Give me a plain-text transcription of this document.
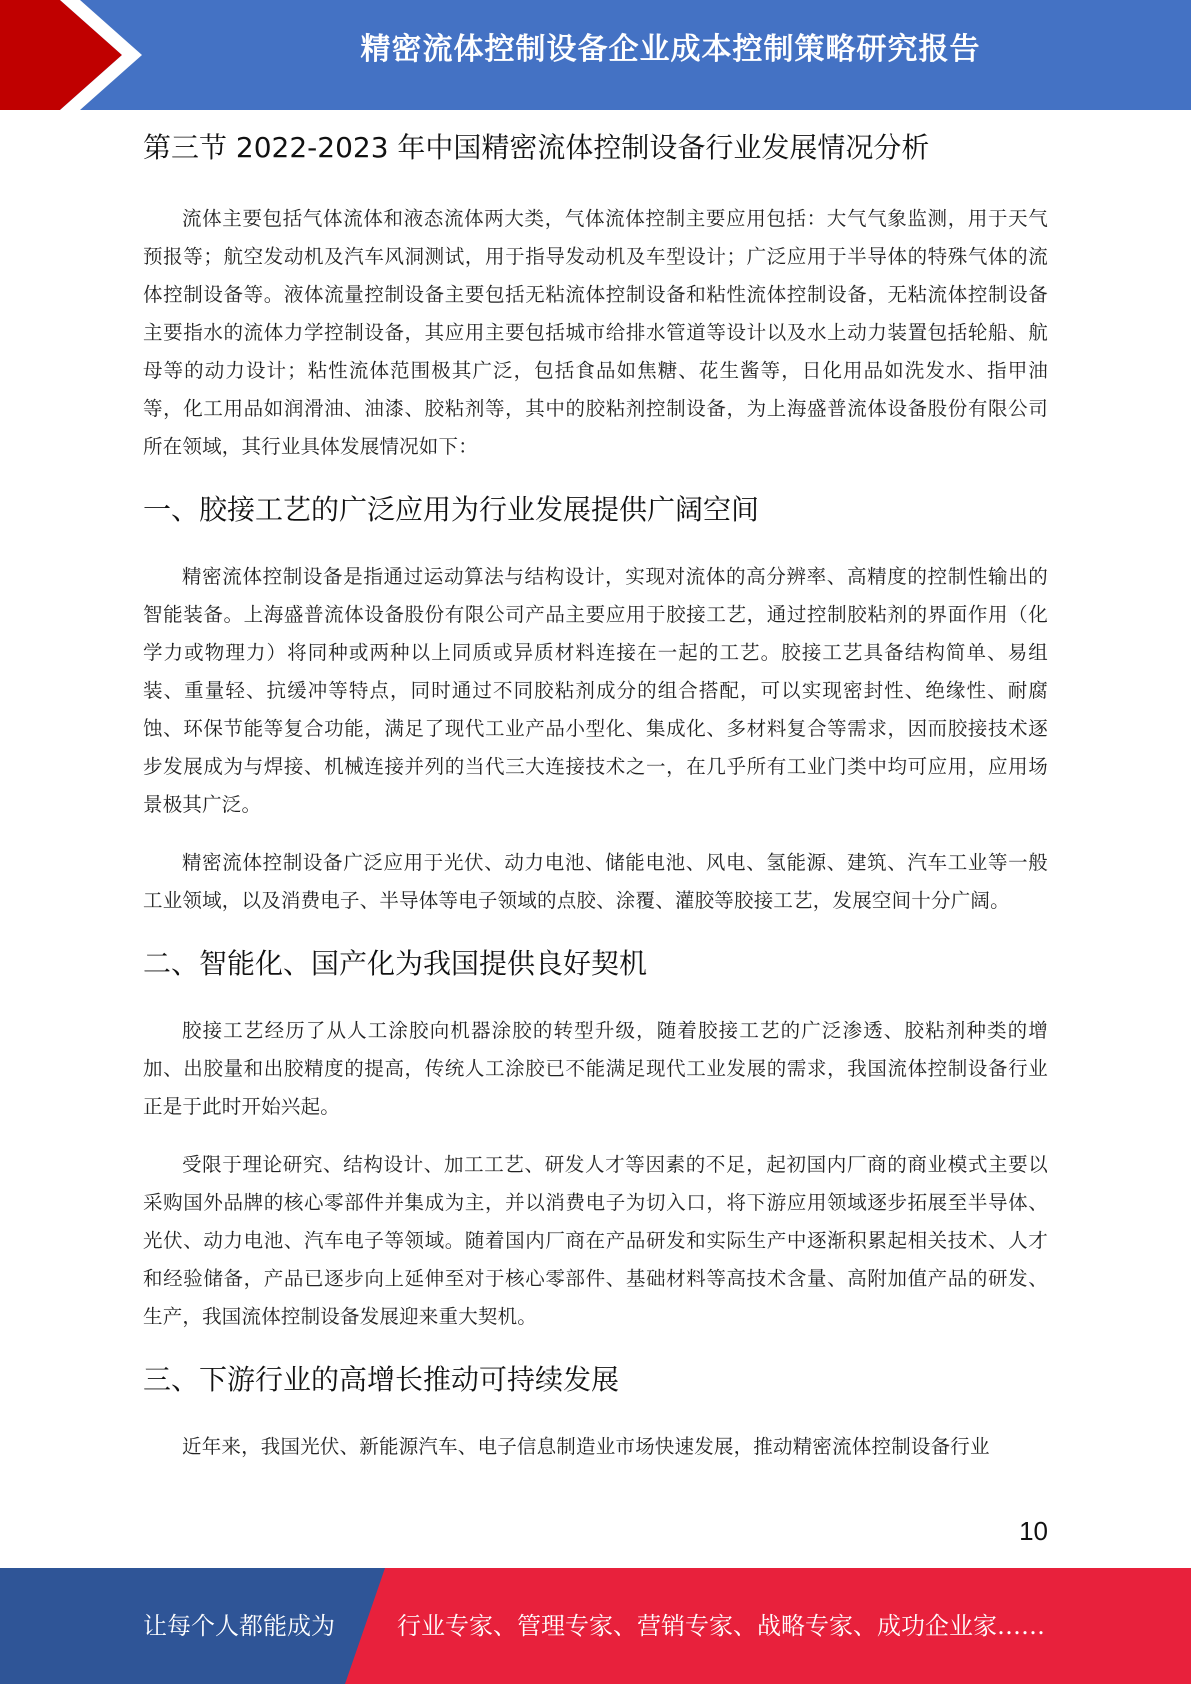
精密流体控制设备企业成本控制策略研究报告
第三节 2022-2023 年中国精密流体控制设备行业发展情况分析

流体主要包括气体流体和液态流体两大类，气体流体控制主要应用包括：大气气象监测，用于天气预报等；航空发动机及汽车风洞测试，用于指导发动机及车型设计；广泛应用于半导体的特殊气体的流体控制设备等。液体流量控制设备主要包括无粘流体控制设备和粘性流体控制设备，无粘流体控制设备主要指水的流体力学控制设备，其应用主要包括城市给排水管道等设计以及水上动力装置包括轮船、航母等的动力设计；粘性流体范围极其广泛，包括食品如焦糖、花生酱等，日化用品如洗发水、指甲油等，化工用品如润滑油、油漆、胶粘剂等，其中的胶粘剂控制设备，为上海盛普流体设备股份有限公司所在领域，其行业具体发展情况如下：

一、胶接工艺的广泛应用为行业发展提供广阔空间

精密流体控制设备是指通过运动算法与结构设计，实现对流体的高分辨率、高精度的控制性输出的智能装备。上海盛普流体设备股份有限公司产品主要应用于胶接工艺，通过控制胶粘剂的界面作用（化学力或物理力）将同种或两种以上同质或异质材料连接在一起的工艺。胶接工艺具备结构简单、易组装、重量轻、抗缓冲等特点，同时通过不同胶粘剂成分的组合搭配，可以实现密封性、绝缘性、耐腐蚀、环保节能等复合功能，满足了现代工业产品小型化、集成化、多材料复合等需求，因而胶接技术逐步发展成为与焊接、机械连接并列的当代三大连接技术之一，在几乎所有工业门类中均可应用，应用场景极其广泛。

精密流体控制设备广泛应用于光伏、动力电池、储能电池、风电、氢能源、建筑、汽车工业等一般工业领域，以及消费电子、半导体等电子领域的点胶、涂覆、灌胶等胶接工艺，发展空间十分广阔。

二、智能化、国产化为我国提供良好契机

胶接工艺经历了从人工涂胶向机器涂胶的转型升级，随着胶接工艺的广泛渗透、胶粘剂种类的增加、出胶量和出胶精度的提高，传统人工涂胶已不能满足现代工业发展的需求，我国流体控制设备行业正是于此时开始兴起。

受限于理论研究、结构设计、加工工艺、研发人才等因素的不足，起初国内厂商的商业模式主要以采购国外品牌的核心零部件并集成为主，并以消费电子为切入口，将下游应用领域逐步拓展至半导体、光伏、动力电池、汽车电子等领域。随着国内厂商在产品研发和实际生产中逐渐积累起相关技术、人才和经验储备，产品已逐步向上延伸至对于核心零部件、基础材料等高技术含量、高附加值产品的研发、生产，我国流体控制设备发展迎来重大契机。

三、下游行业的高增长推动可持续发展

近年来，我国光伏、新能源汽车、电子信息制造业市场快速发展，推动精密流体控制设备行业

10
让每个人都能成为	行业专家、管理专家、营销专家、战略专家、成功企业家……
